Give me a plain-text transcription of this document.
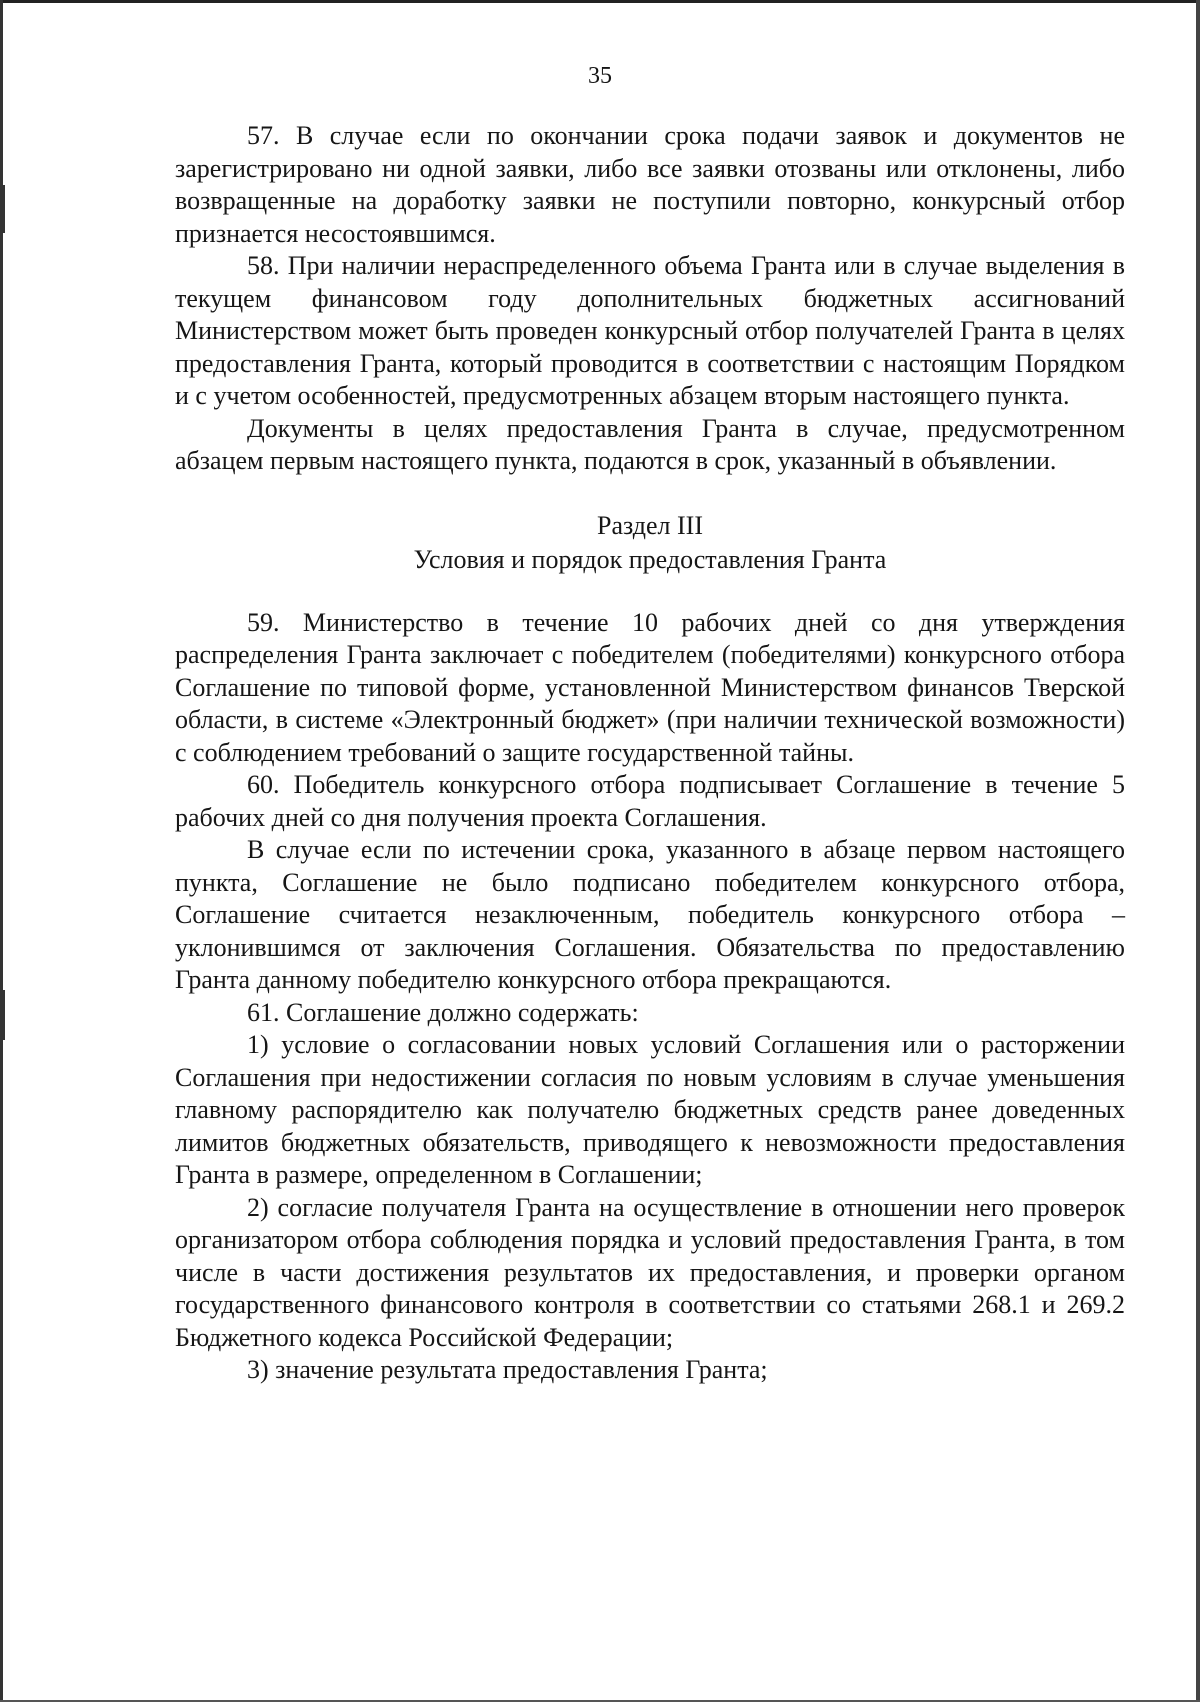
35

57. В случае если по окончании срока подачи заявок и документов не зарегистрировано ни одной заявки, либо все заявки отозваны или отклонены, либо возвращенные на доработку заявки не поступили повторно, конкурсный отбор признается несостоявшимся.

58. При наличии нераспределенного объема Гранта или в случае выделения в текущем финансовом году дополнительных бюджетных ассигнований Министерством может быть проведен конкурсный отбор получателей Гранта в целях предоставления Гранта, который проводится в соответствии с настоящим Порядком и с учетом особенностей, предусмотренных абзацем вторым настоящего пункта.

Документы в целях предоставления Гранта в случае, предусмотренном абзацем первым настоящего пункта, подаются в срок, указанный в объявлении.

Раздел III
Условия и порядок предоставления Гранта

59. Министерство в течение 10 рабочих дней со дня утверждения распределения Гранта заключает с победителем (победителями) конкурсного отбора Соглашение по типовой форме, установленной Министерством финансов Тверской области, в системе «Электронный бюджет» (при наличии технической возможности) с соблюдением требований о защите государственной тайны.

60. Победитель конкурсного отбора подписывает Соглашение в течение 5 рабочих дней со дня получения проекта Соглашения.

В случае если по истечении срока, указанного в абзаце первом настоящего пункта, Соглашение не было подписано победителем конкурсного отбора, Соглашение считается незаключенным, победитель конкурсного отбора – уклонившимся от заключения Соглашения. Обязательства по предоставлению Гранта данному победителю конкурсного отбора прекращаются.

61. Соглашение должно содержать:

1) условие о согласовании новых условий Соглашения или о расторжении Соглашения при недостижении согласия по новым условиям в случае уменьшения главному распорядителю как получателю бюджетных средств ранее доведенных лимитов бюджетных обязательств, приводящего к невозможности предоставления Гранта в размере, определенном в Соглашении;

2) согласие получателя Гранта на осуществление в отношении него проверок организатором отбора соблюдения порядка и условий предоставления Гранта, в том числе в части достижения результатов их предоставления, и проверки органом государственного финансового контроля в соответствии со статьями 268.1 и 269.2 Бюджетного кодекса Российской Федерации;

3) значение результата предоставления Гранта;
